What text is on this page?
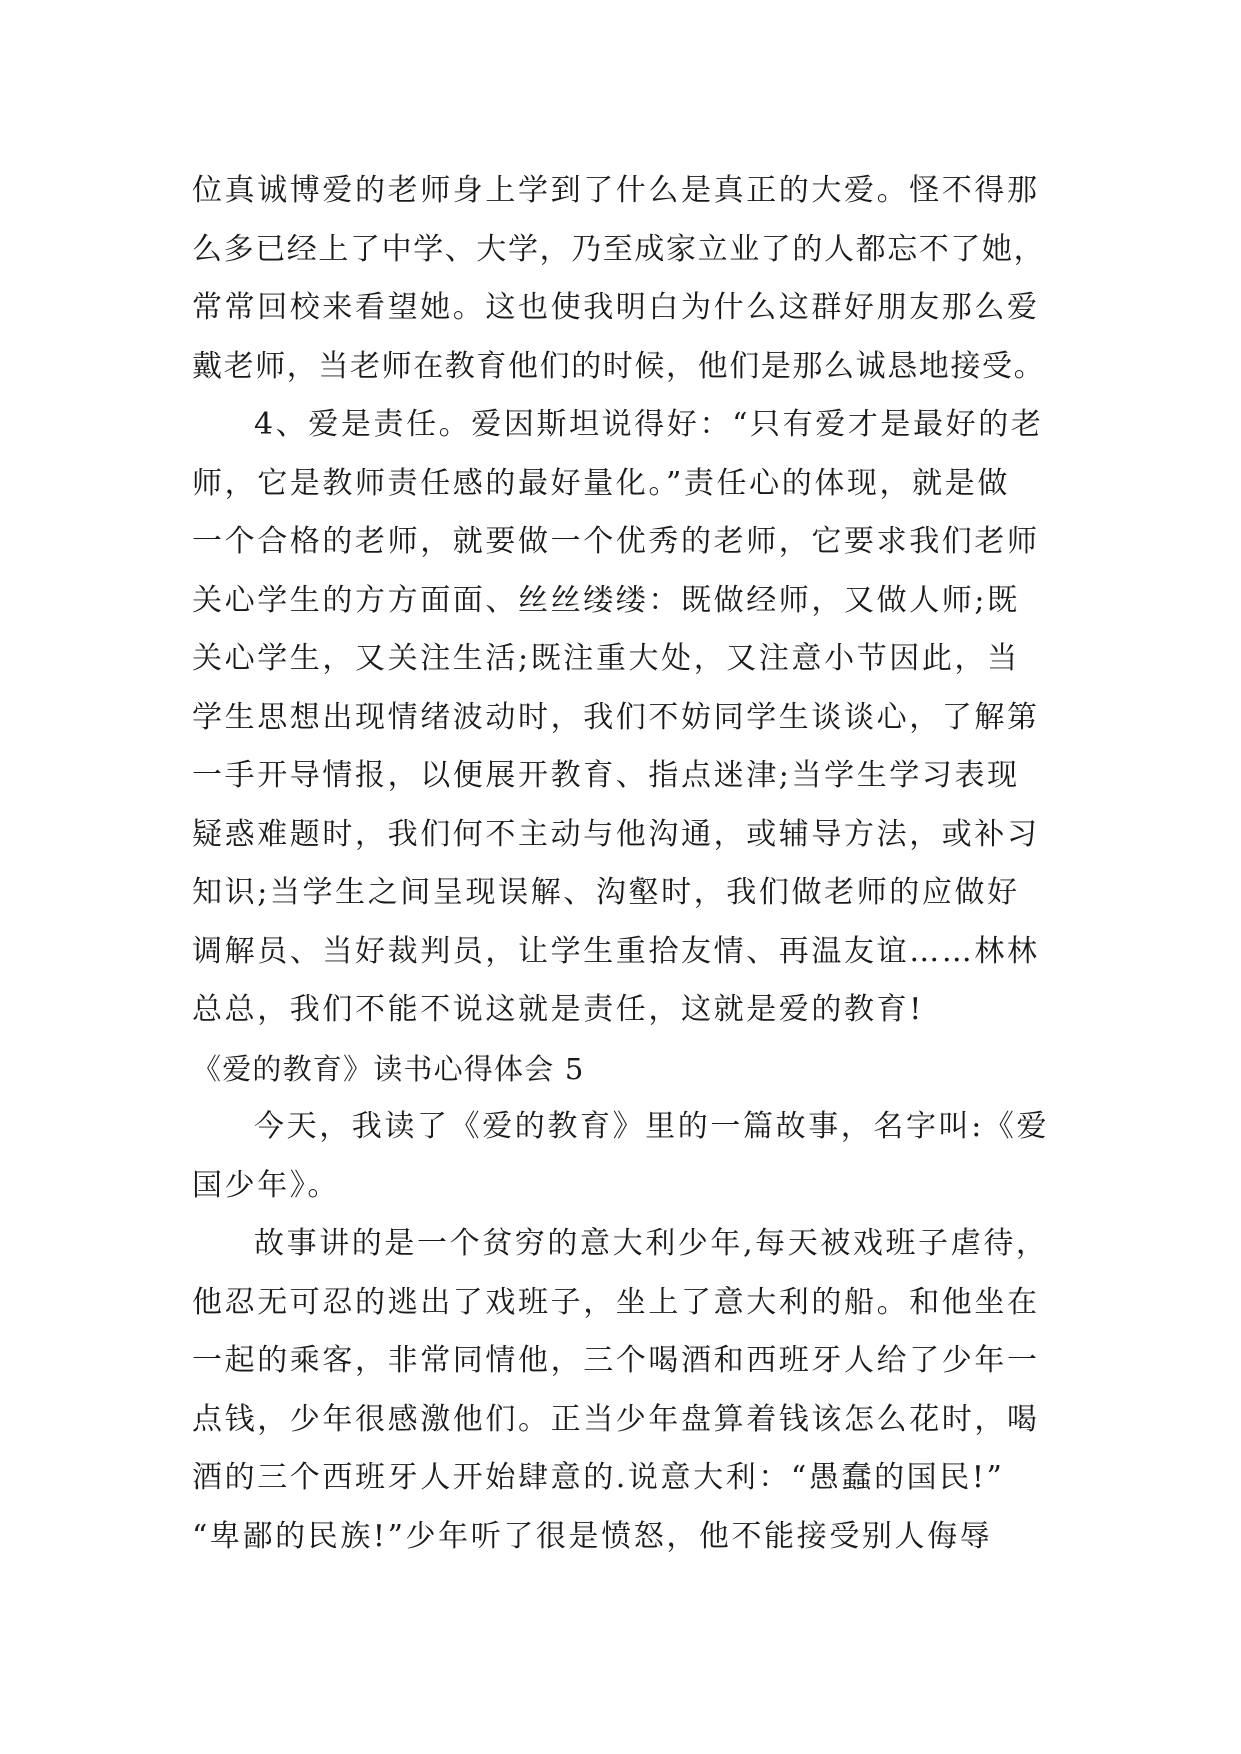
位真诚博爱的老师身上学到了什么是真正的大爱。怪不得那
么多已经上了中学、大学，乃至成家立业了的人都忘不了她，
常常回校来看望她。这也使我明白为什么这群好朋友那么爱
戴老师，当老师在教育他们的时候，他们是那么诚恳地接受。
4、爱是责任。爱因斯坦说得好：“只有爱才是最好的老
师，它是教师责任感的最好量化。”责任心的体现，就是做
一个合格的老师，就要做一个优秀的老师，它要求我们老师
关心学生的方方面面、丝丝缕缕：既做经师，又做人师;既
关心学生，又关注生活;既注重大处，又注意小节因此，当
学生思想出现情绪波动时，我们不妨同学生谈谈心，了解第
一手开导情报，以便展开教育、指点迷津;当学生学习表现
疑惑难题时，我们何不主动与他沟通，或辅导方法，或补习
知识;当学生之间呈现误解、沟壑时，我们做老师的应做好
调解员、当好裁判员，让学生重拾友情、再温友谊……林林
总总，我们不能不说这就是责任，这就是爱的教育!
《爱的教育》读书心得体会 5
今天，我读了《爱的教育》里的一篇故事，名字叫:《爱
国少年》。
故事讲的是一个贫穷的意大利少年,每天被戏班子虐待，
他忍无可忍的逃出了戏班子，坐上了意大利的船。和他坐在
一起的乘客，非常同情他，三个喝酒和西班牙人给了少年一
点钱，少年很感激他们。正当少年盘算着钱该怎么花时，喝
酒的三个西班牙人开始肆意的.说意大利：“愚蠢的国民!”
“卑鄙的民族!”少年听了很是愤怒，他不能接受别人侮辱
